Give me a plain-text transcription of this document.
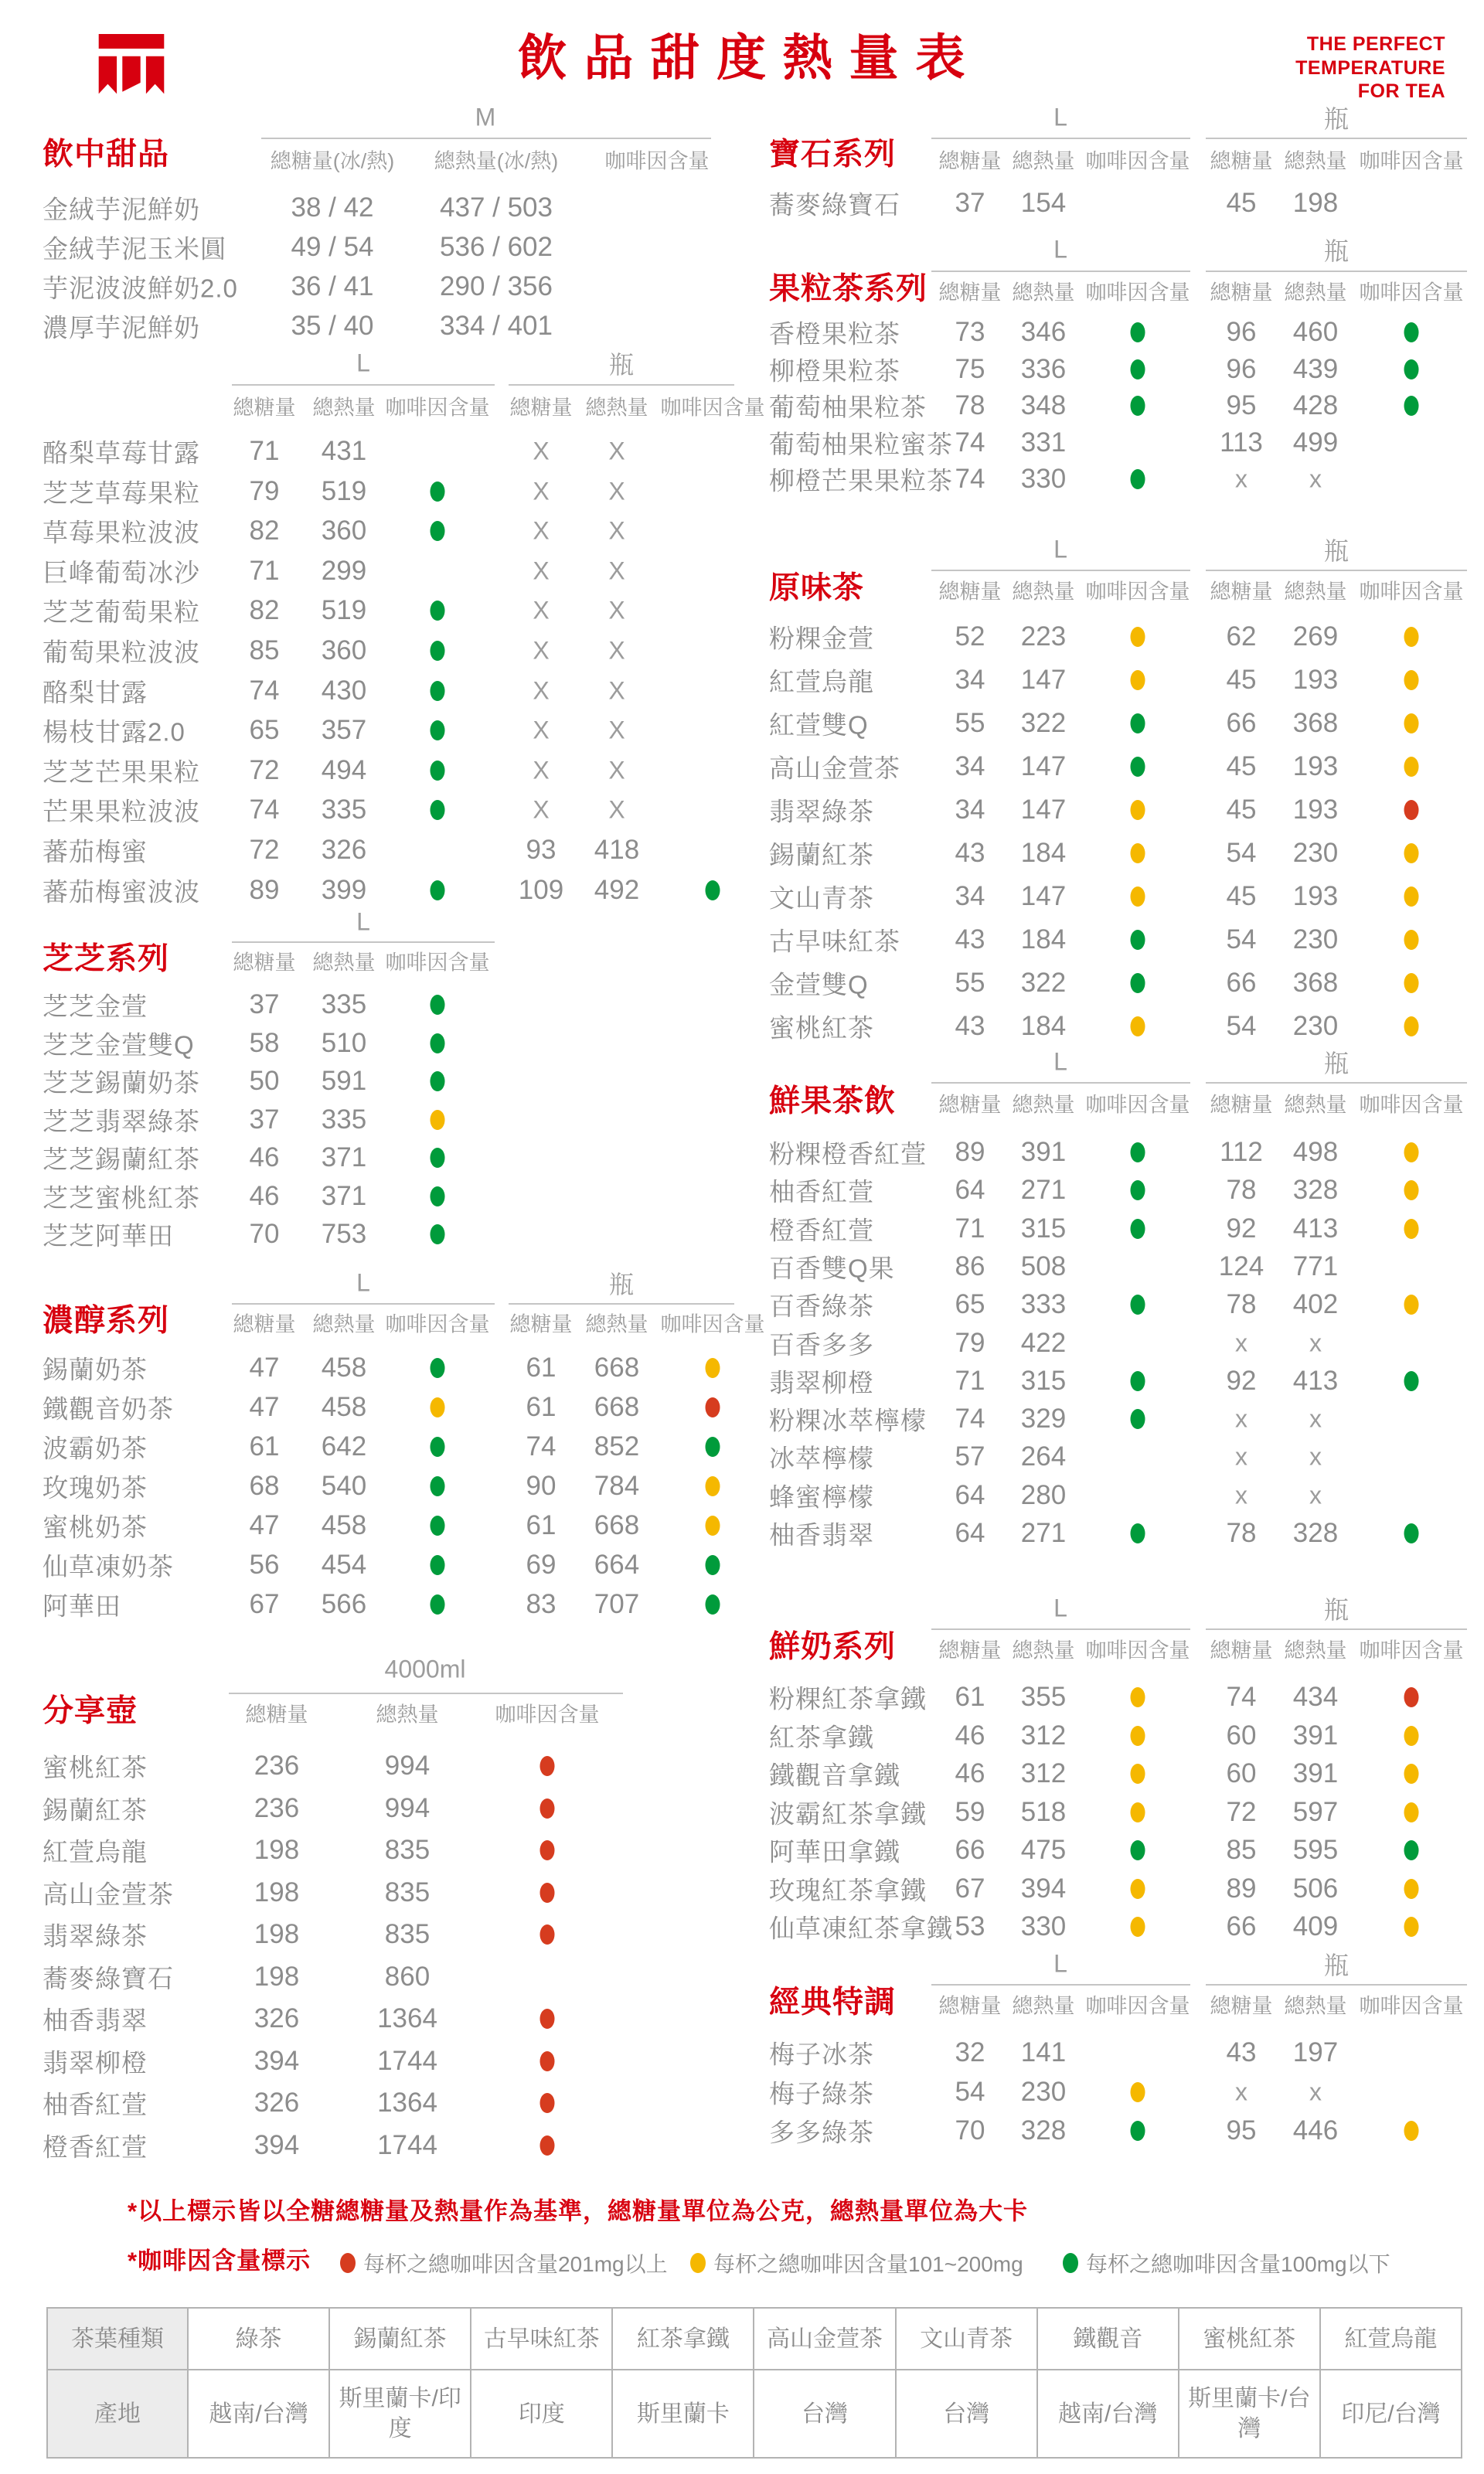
飲 品 甜 度 熱 量 表	THE PERFECT
TEMPERATURE
FOR TEA
飲中甜品
M
總糖量(冰/熱) 總熱量(冰/熱) 咖啡因含量
金絨芋泥鮮奶	38 / 42 437 / 503
金絨芋泥玉米圓 49 / 54 536 / 602
芋泥波波鮮奶2.0 36 / 41 290 / 356
濃厚芋泥鮮奶	35 / 40 334 / 401
L
總糖量 總熱量 咖啡因含量
瓶
總糖量 總熱量 咖啡因含量
酪梨草莓甘露 71 431	X X
芝芝草莓果粒 79 519	X X
草莓果粒波波 82 360	X X
巨峰葡萄冰沙 71 299	X X
芝芝葡萄果粒 82 519	X X
葡萄果粒波波 85 360	X X
酪梨甘露	74 430	X X
楊枝甘露2.0 65 357	X X
芝芝芒果果粒 72 494	X X
芒果果粒波波 74 335	X X
蕃茄梅蜜	72 326	93 418
蕃茄梅蜜波波 89 399	109 492
芝芝系列
L
總糖量 總熱量 咖啡因含量
芝芝金萱	37 335
芝芝金萱雙Q 58 510
芝芝錫蘭奶茶 50 591
芝芝翡翠綠茶 37 335
芝芝錫蘭紅茶 46 371
芝芝蜜桃紅茶 46 371
芝芝阿華田	70 753
濃醇系列
L
總糖量 總熱量 咖啡因含量
瓶
總糖量 總熱量 咖啡因含量
錫蘭奶茶	47 458	61 668
鐵觀音奶茶	47 458	61 668
波霸奶茶	61 642	74 852
玫瑰奶茶	68 540	90 784
蜜桃奶茶	47 458	61 668
仙草凍奶茶	56 454	69 664
阿華田	67 566	83 707
分享壺
4000ml
總糖量	總熱量	咖啡因含量
蜜桃紅茶	236	994
錫蘭紅茶	236	994
紅萱烏龍	198	835
高山金萱茶	198	835
翡翠綠茶	198	835
蕎麥綠寶石	198	860
柚香翡翠	326	1364
翡翠柳橙	394	1744
柚香紅萱	326	1364
橙香紅萱	394	1744
寶石系列
L
總糖量 總熱量 咖啡因含量
瓶
總糖量 總熱量 咖啡因含量
蕎麥綠寶石 37 154	45 198
果粒茶系列
L
總糖量 總熱量 咖啡因含量
瓶
總糖量 總熱量 咖啡因含量
香橙果粒茶 73 346	96 460
柳橙果粒茶 75 336	96 439
葡萄柚果粒茶 78 348	95 428
葡萄柚果粒蜜茶 74 331	113 499
柳橙芒果果粒茶 74 330	x	x
原味茶
L
總糖量 總熱量 咖啡因含量
瓶
總糖量 總熱量 咖啡因含量
粉粿金萱	52 223	62 269
紅萱烏龍	34 147	45 193
紅萱雙Q	55 322	66 368
高山金萱茶 34 147	45 193
翡翠綠茶	34 147	45 193
錫蘭紅茶	43 184	54 230
文山青茶	34 147	45 193
古早味紅茶 43 184	54 230
金萱雙Q	55 322	66 368
蜜桃紅茶	43 184	54 230
鮮果茶飲
L
總糖量 總熱量 咖啡因含量
瓶
總糖量 總熱量 咖啡因含量
粉粿橙香紅萱 89 391	112 498
柚香紅萱	64 271	78 328
橙香紅萱	71 315	92 413
百香雙Q果 86 508	124 771
百香綠茶	65 333	78 402
百香多多	79 422	x	x
翡翠柳橙	71 315	92 413
粉粿冰萃檸檬 74 329	x	x
冰萃檸檬	57 264	x	x
蜂蜜檸檬	64 280	x	x
柚香翡翠	64 271	78 328
鮮奶系列
L
總糖量 總熱量 咖啡因含量
瓶
總糖量 總熱量 咖啡因含量
粉粿紅茶拿鐵 61 355	74 434
紅茶拿鐵	46 312	60 391
鐵觀音拿鐵 46 312	60 391
波霸紅茶拿鐵 59 518	72 597
阿華田拿鐵 66 475	85 595
玫瑰紅茶拿鐵 67 394	89 506
仙草凍紅茶拿鐵 53 330	66 409
經典特調
L
總糖量 總熱量 咖啡因含量
瓶
總糖量 總熱量 咖啡因含量
梅子冰茶	32 141	43 197
梅子綠茶	54 230	x	x
多多綠茶	70 328	95 446
*以上標示皆以全糖總糖量及熱量作為基準，總糖量單位為公克，總熱量單位為大卡
*咖啡因含量標示 每杯之總咖啡因含量201mg以上 每杯之總咖啡因含量101~200mg	每杯之總咖啡因含量100mg以下
茶葉種類	綠茶	錫蘭紅茶	古早味紅茶	紅茶拿鐵	高山金萱茶	文山青茶	鐵觀音	蜜桃紅茶	紅萱烏龍
產地	越南/台灣	斯里蘭卡/印度	印度	斯里蘭卡	台灣	台灣	越南/台灣	斯里蘭卡/台灣	印尼/台灣
